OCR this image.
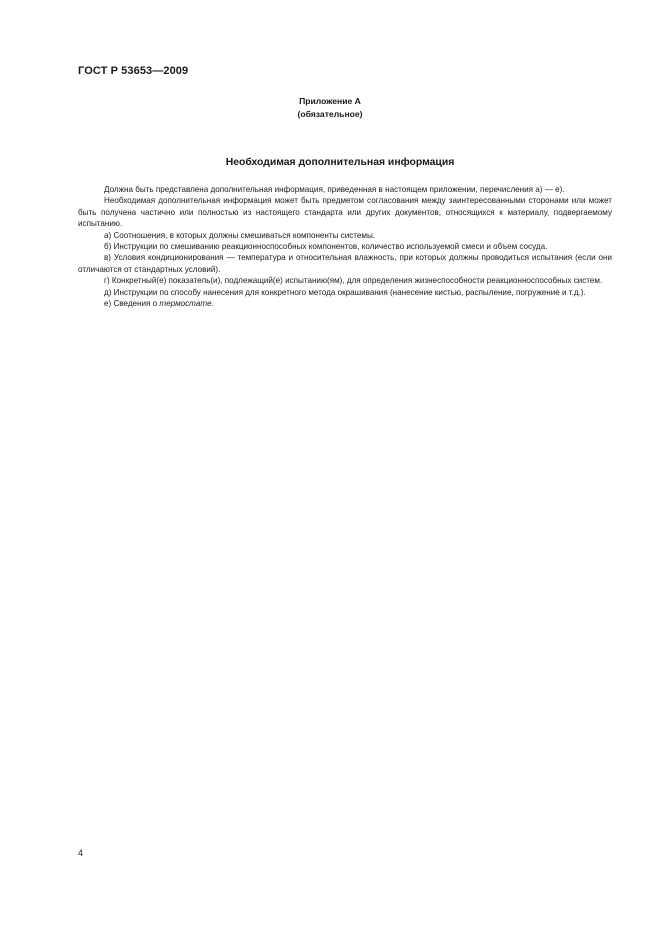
ГОСТ Р 53653—2009
Приложение А
(обязательное)
Необходимая дополнительная информация

Должна быть представлена дополнительная информация, приведенная в настоящем приложении, перечисления а) — е).

Необходимая дополнительная информация может быть предметом согласования между заинтересованными сторонами или может быть получена частично или полностью из настоящего стандарта или других документов, относящихся к материалу, подвергаемому испытанию.

а) Соотношения, в которых должны смешиваться компоненты системы.

б) Инструкции по смешиванию реакционноспособных компонентов, количество используемой смеси и объем сосуда.

в) Условия кондиционирования — температура и относительная влажность, при которых должны проводиться испытания (если они отличаются от стандартных условий).

г) Конкретный(е) показатель(и), подлежащий(е) испытанию(ям), для определения жизнеспособности реакционноспособных систем.

д) Инструкции по способу нанесения для конкретного метода окрашивания (нанесение кистью, распыление, погружение и т.д.).

е) Сведения о термостате.

4
